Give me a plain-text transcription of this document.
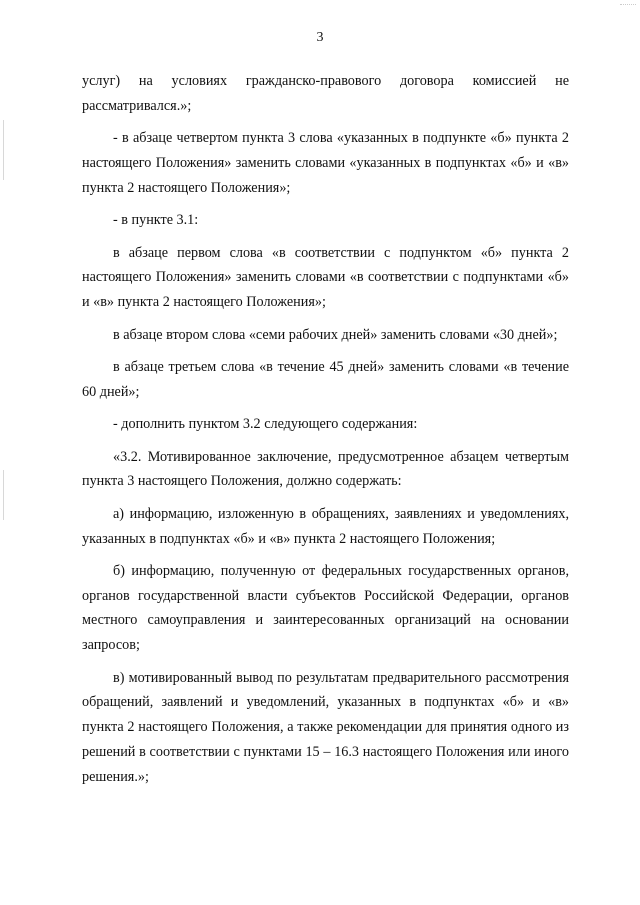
3

услуг) на условиях гражданско-правового договора комиссией не рассматривался.»;

- в абзаце четвертом пункта 3 слова «указанных в подпункте «б» пункта 2 настоящего Положения» заменить словами «указанных в подпунктах «б» и «в» пункта 2 настоящего Положения»;

- в пункте 3.1:

в абзаце первом слова «в соответствии с подпунктом «б» пункта 2 настоящего Положения» заменить словами «в соответствии с подпунктами «б» и «в» пункта 2 настоящего Положения»;

в абзаце втором слова «семи рабочих дней» заменить словами «30 дней»;

в абзаце третьем слова «в течение 45 дней» заменить словами «в течение 60 дней»;

- дополнить пунктом 3.2 следующего содержания:

«3.2. Мотивированное заключение, предусмотренное абзацем четвертым пункта 3 настоящего Положения, должно содержать:

а) информацию, изложенную в обращениях, заявлениях и уведомлениях, указанных в подпунктах «б» и «в» пункта 2 настоящего Положения;

б) информацию, полученную от федеральных государственных органов, органов государственной власти субъектов Российской Федерации, органов местного самоуправления и заинтересованных организаций на основании запросов;

в) мотивированный вывод по результатам предварительного рассмотрения обращений, заявлений и уведомлений, указанных в подпунктах «б» и «в» пункта 2 настоящего Положения, а также рекомендации для принятия одного из решений в соответствии с пунктами 15 – 16.3 настоящего Положения или иного решения.»;
